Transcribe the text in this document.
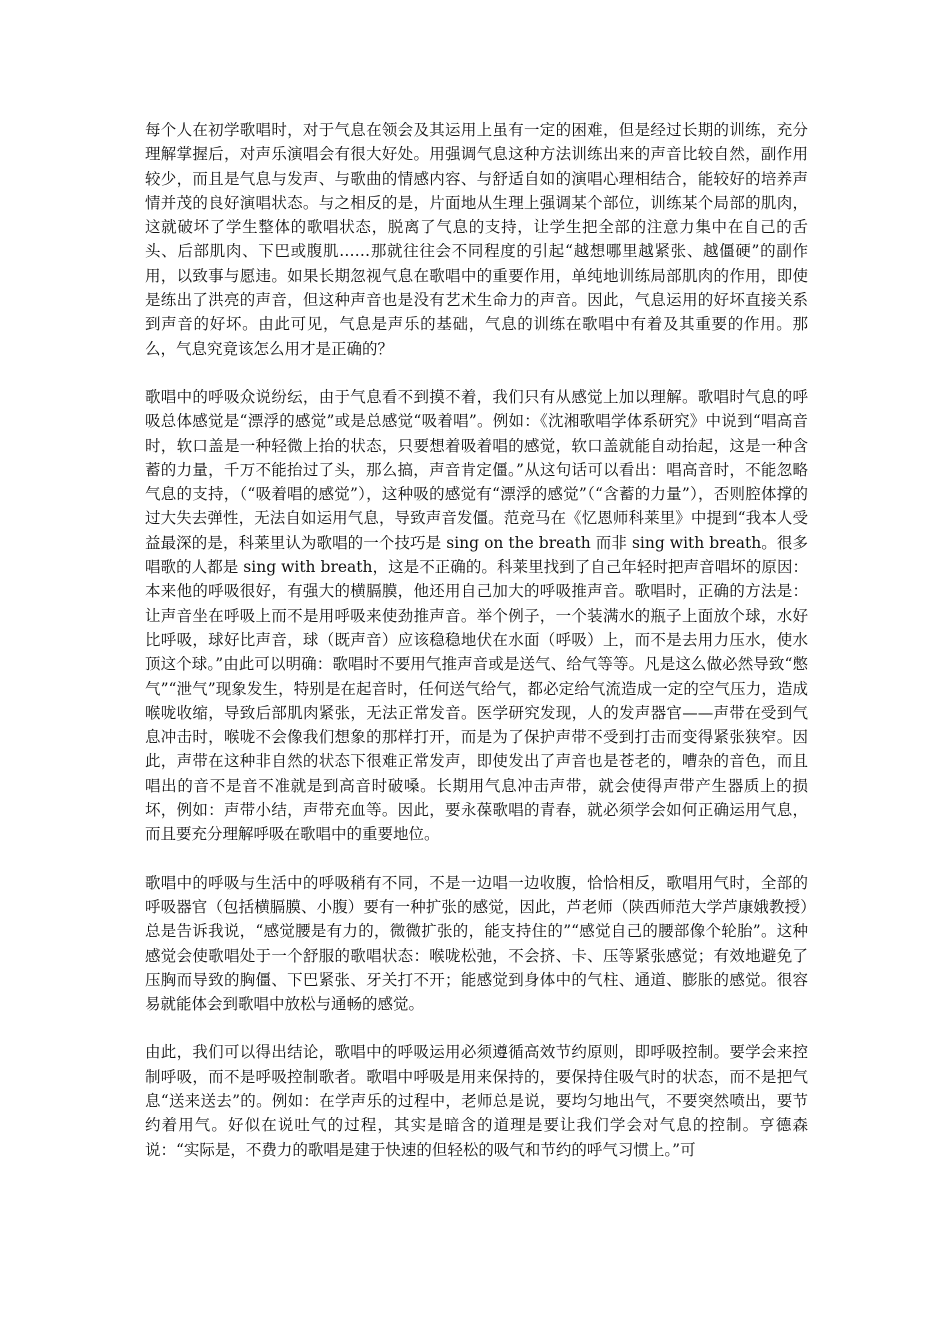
每个人在初学歌唱时，对于气息在领会及其运用上虽有一定的困难，但是经过长期的训练，充分理解掌握后，对声乐演唱会有很大好处。用强调气息这种方法训练出来的声音比较自然，副作用较少，而且是气息与发声、与歌曲的情感内容、与舒适自如的演唱心理相结合，能较好的培养声情并茂的良好演唱状态。与之相反的是，片面地从生理上强调某个部位，训练某个局部的肌肉，这就破坏了学生整体的歌唱状态，脱离了气息的支持，让学生把全部的注意力集中在自己的舌头、后部肌肉、下巴或腹肌……那就往往会不同程度的引起“越想哪里越紧张、越僵硬”的副作用，以致事与愿违。如果长期忽视气息在歌唱中的重要作用，单纯地训练局部肌肉的作用，即使是练出了洪亮的声音，但这种声音也是没有艺术生命力的声音。因此，气息运用的好坏直接关系到声音的好坏。由此可见，气息是声乐的基础，气息的训练在歌唱中有着及其重要的作用。那么，气息究竟该怎么用才是正确的？

歌唱中的呼吸众说纷纭，由于气息看不到摸不着，我们只有从感觉上加以理解。歌唱时气息的呼吸总体感觉是“漂浮的感觉”或是总感觉“吸着唱”。例如：《沈湘歌唱学体系研究》中说到“唱高音时，软口盖是一种轻微上抬的状态，只要想着吸着唱的感觉，软口盖就能自动抬起，这是一种含蓄的力量，千万不能抬过了头，那么搞，声音肯定僵。”从这句话可以看出：唱高音时，不能忽略气息的支持，（“吸着唱的感觉”），这种吸的感觉有“漂浮的感觉”（“含蓄的力量”），否则腔体撑的过大失去弹性，无法自如运用气息，导致声音发僵。范竞马在《忆恩师科莱里》中提到“我本人受益最深的是，科莱里认为歌唱的一个技巧是 sing on the breath 而非 sing with breath。很多唱歌的人都是 sing with breath，这是不正确的。科莱里找到了自己年轻时把声音唱坏的原因：本来他的呼吸很好，有强大的横膈膜，他还用自己加大的呼吸推声音。歌唱时，正确的方法是：让声音坐在呼吸上而不是用呼吸来使劲推声音。举个例子，一个装满水的瓶子上面放个球，水好比呼吸，球好比声音，球（既声音）应该稳稳地伏在水面（呼吸）上，而不是去用力压水，使水顶这个球。”由此可以明确：歌唱时不要用气推声音或是送气、给气等等。凡是这么做必然导致“憋气”“泄气”现象发生，特别是在起音时，任何送气给气，都必定给气流造成一定的空气压力，造成喉咙收缩，导致后部肌肉紧张，无法正常发音。医学研究发现，人的发声器官——声带在受到气息冲击时，喉咙不会像我们想象的那样打开，而是为了保护声带不受到打击而变得紧张狭窄。因此，声带在这种非自然的状态下很难正常发声，即使发出了声音也是苍老的，嘈杂的音色，而且唱出的音不是音不准就是到高音时破嗓。长期用气息冲击声带，就会使得声带产生器质上的损坏，例如：声带小结，声带充血等。因此，要永葆歌唱的青春，就必须学会如何正确运用气息，而且要充分理解呼吸在歌唱中的重要地位。

歌唱中的呼吸与生活中的呼吸稍有不同，不是一边唱一边收腹，恰恰相反，歌唱用气时，全部的呼吸器官（包括横膈膜、小腹）要有一种扩张的感觉，因此，芦老师（陕西师范大学芦康娥教授）总是告诉我说，“感觉腰是有力的，微微扩张的，能支持住的”“感觉自己的腰部像个轮胎”。这种感觉会使歌唱处于一个舒服的歌唱状态：喉咙松弛，不会挤、卡、压等紧张感觉；有效地避免了压胸而导致的胸僵、下巴紧张、牙关打不开；能感觉到身体中的气柱、通道、膨胀的感觉。很容易就能体会到歌唱中放松与通畅的感觉。

由此，我们可以得出结论，歌唱中的呼吸运用必须遵循高效节约原则，即呼吸控制。要学会来控制呼吸，而不是呼吸控制歌者。歌唱中呼吸是用来保持的，要保持住吸气时的状态，而不是把气息“送来送去”的。例如：在学声乐的过程中，老师总是说，要均匀地出气，不要突然喷出，要节约着用气。好似在说吐气的过程，其实是暗含的道理是要让我们学会对气息的控制。亨德森说：“实际是，不费力的歌唱是建于快速的但轻松的吸气和节约的呼气习惯上。”可
